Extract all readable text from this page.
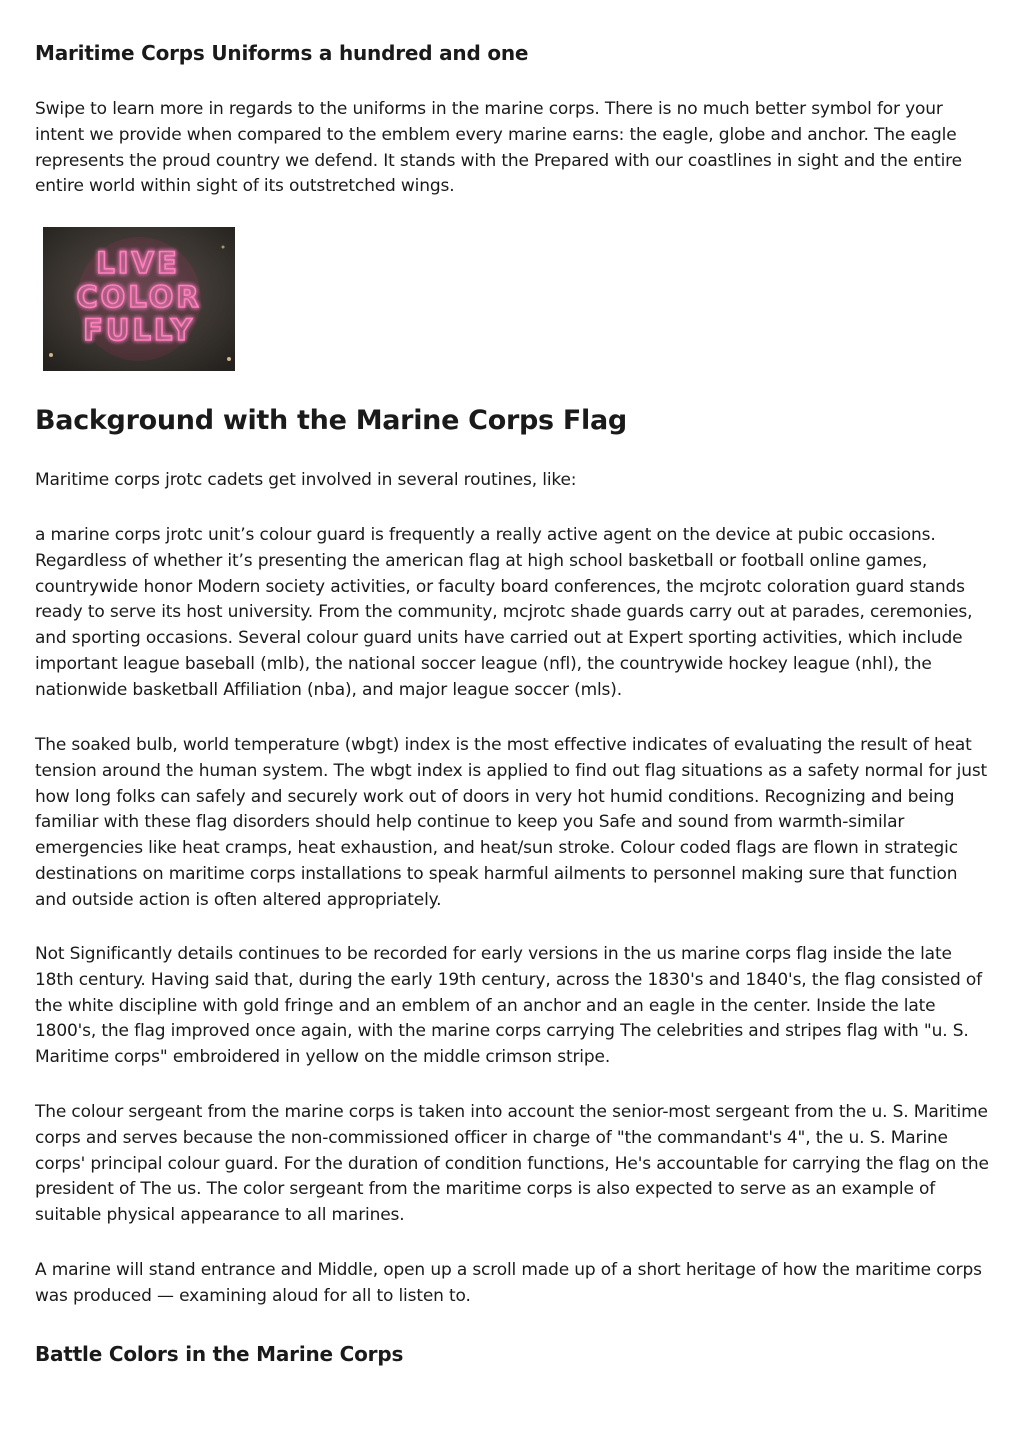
Maritime Corps Uniforms a hundred and one

Swipe to learn more in regards to the uniforms in the marine corps. There is no much better symbol for your intent we provide when compared to the emblem every marine earns: the eagle, globe and anchor. The eagle represents the proud country we defend. It stands with the Prepared with our coastlines in sight and the entire entire world within sight of its outstretched wings.

LIVE
COLOR
FULLY
Background with the Marine Corps Flag

Maritime corps jrotc cadets get involved in several routines, like:

a marine corps jrotc unit’s colour guard is frequently a really active agent on the device at pubic occasions. Regardless of whether it’s presenting the american flag at high school basketball or football online games, countrywide honor Modern society activities, or faculty board conferences, the mcjrotc coloration guard stands ready to serve its host university. From the community, mcjrotc shade guards carry out at parades, ceremonies, and sporting occasions. Several colour guard units have carried out at Expert sporting activities, which include important league baseball (mlb), the national soccer league (nfl), the countrywide hockey league (nhl), the nationwide basketball Affiliation (nba), and major league soccer (mls).

The soaked bulb, world temperature (wbgt) index is the most effective indicates of evaluating the result of heat tension around the human system. The wbgt index is applied to find out flag situations as a safety normal for just how long folks can safely and securely work out of doors in very hot humid conditions. Recognizing and being familiar with these flag disorders should help continue to keep you Safe and sound from warmth-similar emergencies like heat cramps, heat exhaustion, and heat/sun stroke. Colour coded flags are flown in strategic destinations on maritime corps installations to speak harmful ailments to personnel making sure that function and outside action is often altered appropriately.

Not Significantly details continues to be recorded for early versions in the us marine corps flag inside the late 18th century. Having said that, during the early 19th century, across the 1830's and 1840's, the flag consisted of the white discipline with gold fringe and an emblem of an anchor and an eagle in the center. Inside the late 1800's, the flag improved once again, with the marine corps carrying The celebrities and stripes flag with "u. S. Maritime corps" embroidered in yellow on the middle crimson stripe.

The colour sergeant from the marine corps is taken into account the senior-most sergeant from the u. S. Maritime corps and serves because the non-commissioned officer in charge of "the commandant's 4", the u. S. Marine corps' principal colour guard. For the duration of condition functions, He's accountable for carrying the flag on the president of The us. The color sergeant from the maritime corps is also expected to serve as an example of suitable physical appearance to all marines.

A marine will stand entrance and Middle, open up a scroll made up of a short heritage of how the maritime corps was produced — examining aloud for all to listen to.

Battle Colors in the Marine Corps
